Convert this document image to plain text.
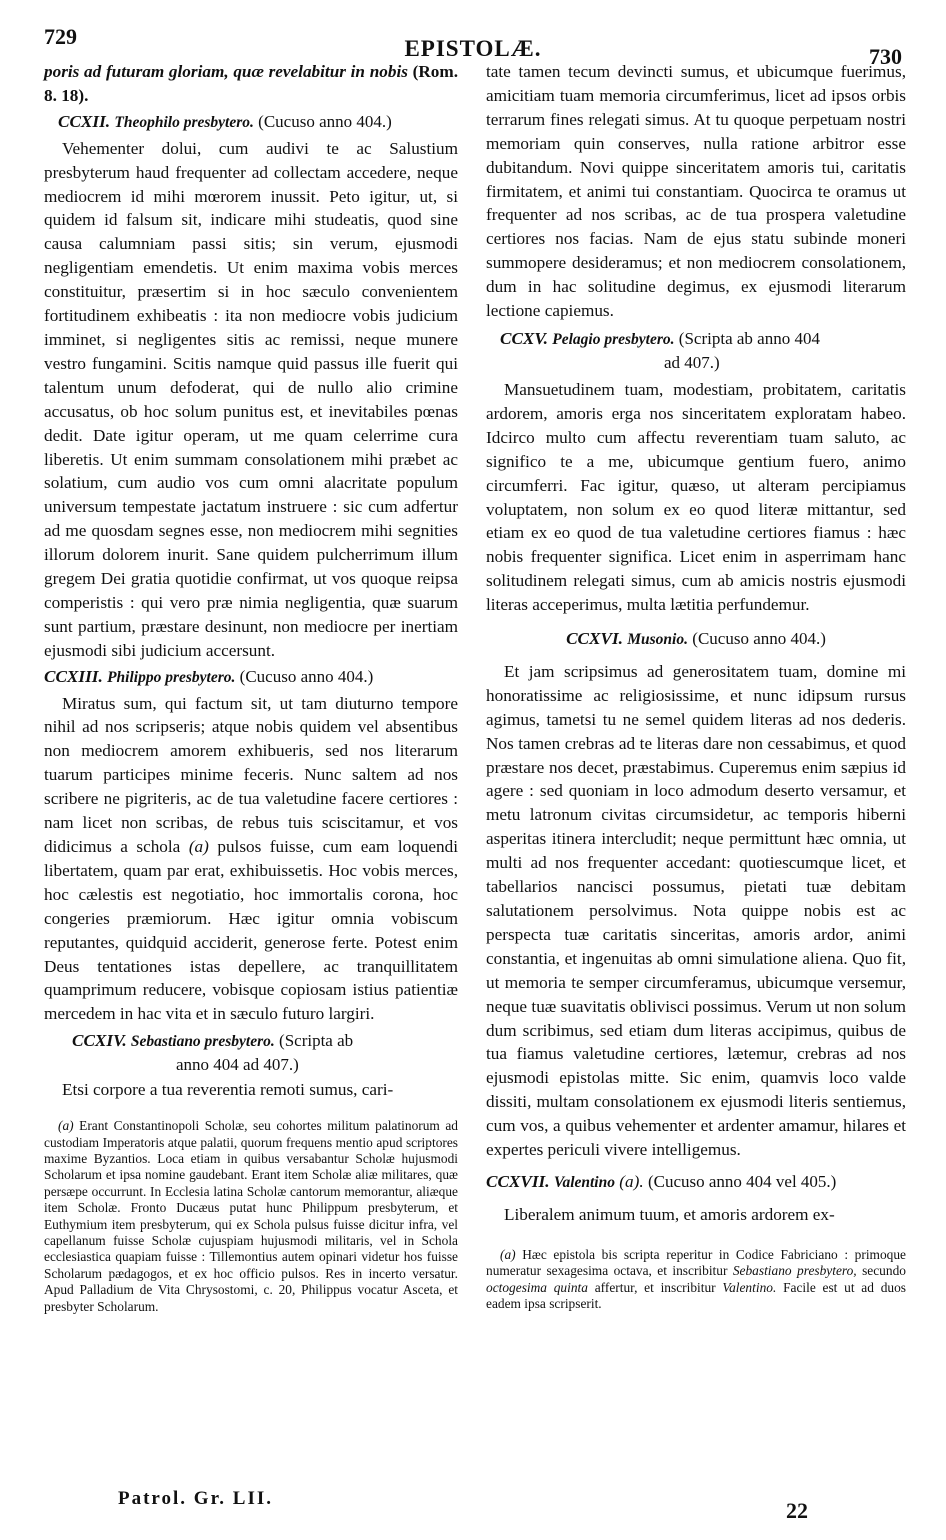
729	EPISTOLÆ.	730

poris ad futuram gloriam, quæ revelabitur in nobis (Rom. 8. 18).

CCXII. Theophilo presbytero. (Cucuso anno 404.)

Vehementer dolui, cum audivi te ac Salustium presbyterum haud frequenter ad collectam accedere, neque mediocrem id mihi mœrorem inussit. Peto igitur, ut, si quidem id falsum sit, indicare mihi studeatis, quod sine causa calumniam passi sitis; sin verum, ejusmodi negligentiam emendetis. Ut enim maxima vobis merces constituitur, præsertim si in hoc sæculo convenientem fortitudinem exhibeatis : ita non mediocre vobis judicium imminet, si negligentes sitis ac remissi, neque munere vestro fungamini. Scitis namque quid passus ille fuerit qui talentum unum defoderat, qui de nullo alio crimine accusatus, ob hoc solum punitus est, et inevitabiles pœnas dedit. Date igitur operam, ut me quam celerrime cura liberetis. Ut enim summam consolationem mihi præbet ac solatium, cum audio vos cum omni alacritate populum universum tempestate jactatum instruere : sic cum adfertur ad me quosdam segnes esse, non mediocrem mihi segnities illorum dolorem inurit. Sane quidem pulcherrimum illum gregem Dei gratia quotidie confirmat, ut vos quoque reipsa comperistis : qui vero præ nimia negligentia, quæ suarum sunt partium, præstare desinunt, non mediocre per inertiam ejusmodi sibi judicium accersunt.

CCXIII. Philippo presbytero. (Cucuso anno 404.)

Miratus sum, qui factum sit, ut tam diuturno tempore nihil ad nos scripseris; atque nobis quidem vel absentibus non mediocrem amorem exhibueris, sed nos literarum tuarum participes minime feceris. Nunc saltem ad nos scribere ne pigriteris, ac de tua valetudine facere certiores : nam licet non scribas, de rebus tuis sciscitamur, et vos didicimus a schola (a) pulsos fuisse, cum eam loquendi libertatem, quam par erat, exhibuissetis. Hoc vobis merces, hoc cælestis est negotiatio, hoc immortalis corona, hoc congeries præmiorum. Hæc igitur omnia vobiscum reputantes, quidquid acciderit, generose ferte. Potest enim Deus tentationes istas depellere, ac tranquillitatem quamprimum reducere, vobisque copiosam istius patientiæ mercedem in hac vita et in sæculo futuro largiri.

CCXIV. Sebastiano presbytero. (Scripta ab
anno 404 ad 407.)

Etsi corpore a tua reverentia remoti sumus, cari-

(a) Erant Constantinopoli Scholæ, seu cohortes militum palatinorum ad custodiam Imperatoris atque palatii, quorum frequens mentio apud scriptores maxime Byzantios. Loca etiam in quibus versabantur Scholæ hujusmodi Scholarum et ipsa nomine gaudebant. Erant item Scholæ aliæ militares, quæ persæpe occurrunt. In Ecclesia latina Scholæ cantorum memorantur, aliæque item Scholæ. Fronto Ducæus putat hunc Philippum presbyterum, et Euthymium item presbyterum, qui ex Schola pulsus fuisse dicitur infra, vel capellanum fuisse Scholæ cujuspiam hujusmodi militaris, vel in Schola ecclesiastica quapiam fuisse : Tillemontius autem opinari videtur hos fuisse Scholarum pædagogos, et ex hoc officio pulsos. Res in incerto versatur. Apud Palladium de Vita Chrysostomi, c. 20, Philippus vocatur Asceta, et presbyter Scholarum.

tate tamen tecum devincti sumus, et ubicumque fuerimus, amicitiam tuam memoria circumferimus, licet ad ipsos orbis terrarum fines relegati simus. At tu quoque perpetuam nostri memoriam quin conserves, nulla ratione arbitror esse dubitandum. Novi quippe sinceritatem amoris tui, caritatis firmitatem, et animi tui constantiam. Quocirca te oramus ut frequenter ad nos scribas, ac de tua prospera valetudine certiores nos facias. Nam de ejus statu subinde moneri summopere desideramus; et non mediocrem consolationem, dum in hac solitudine degimus, ex ejusmodi literarum lectione capiemus.

CCXV. Pelagio presbytero. (Scripta ab anno 404
ad 407.)

Mansuetudinem tuam, modestiam, probitatem, caritatis ardorem, amoris erga nos sinceritatem exploratam habeo. Idcirco multo cum affectu reverentiam tuam saluto, ac significo te a me, ubicumque gentium fuero, animo circumferri. Fac igitur, quæso, ut alteram percipiamus voluptatem, non solum ex eo quod literæ mittantur, sed etiam ex eo quod de tua valetudine certiores fiamus : hæc nobis frequenter significa. Licet enim in asperrimam hanc solitudinem relegati simus, cum ab amicis nostris ejusmodi literas acceperimus, multa lætitia perfundemur.

CCXVI. Musonio. (Cucuso anno 404.)

Et jam scripsimus ad generositatem tuam, domine mi honoratissime ac religiosissime, et nunc idipsum rursus agimus, tametsi tu ne semel quidem literas ad nos dederis. Nos tamen crebras ad te literas dare non cessabimus, et quod præstare nos decet, præstabimus. Cuperemus enim sæpius id agere : sed quoniam in loco admodum deserto versamur, et metu latronum civitas circumsidetur, ac temporis hiberni asperitas itinera intercludit; neque permittunt hæc omnia, ut multi ad nos frequenter accedant: quotiescumque licet, et tabellarios nancisci possumus, pietati tuæ debitam salutationem persolvimus. Nota quippe nobis est ac perspecta tuæ caritatis sinceritas, amoris ardor, animi constantia, et ingenuitas ab omni simulatione aliena. Quo fit, ut memoria te semper circumferamus, ubicumque versemur, neque tuæ suavitatis oblivisci possimus. Verum ut non solum dum scribimus, sed etiam dum literas accipimus, quibus de tua fiamus valetudine certiores, lætemur, crebras ad nos ejusmodi epistolas mitte. Sic enim, quamvis loco valde dissiti, multam consolationem ex ejusmodi literis sentiemus, cum vos, a quibus vehementer et ardenter amamur, hilares et expertes periculi vivere intelligemus.

CCXVII. Valentino (a). (Cucuso anno 404 vel 405.)

Liberalem animum tuum, et amoris ardorem ex-

(a) Hæc epistola bis scripta reperitur in Codice Fabriciano : primoque numeratur sexagesima octava, et inscribitur Sebastiano presbytero, secundo octogesima quinta affertur, et inscribitur Valentino. Facile est ut ad duos eadem ipsa scripserit.

Patrol. Gr. LII.	22
